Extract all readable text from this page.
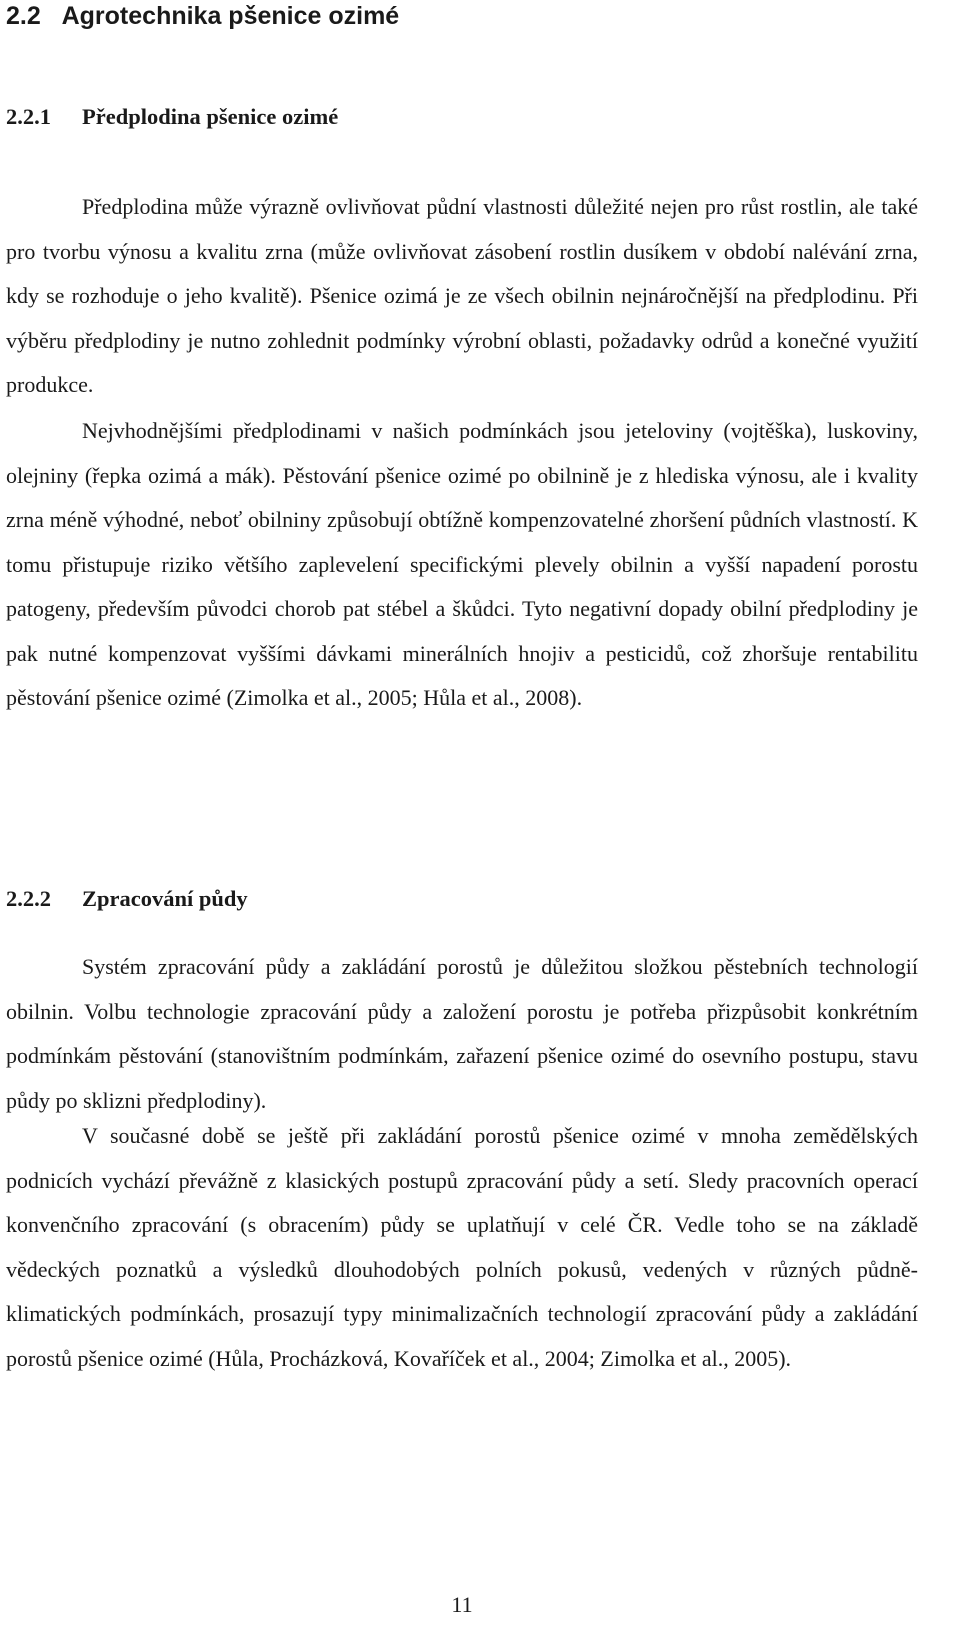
2.2 Agrotechnika pšenice ozimé
2.2.1 Předplodina pšenice ozimé

Předplodina může výrazně ovlivňovat půdní vlastnosti důležité nejen pro růst rostlin, ale také pro tvorbu výnosu a kvalitu zrna (může ovlivňovat zásobení rostlin dusíkem v období nalévání zrna, kdy se rozhoduje o jeho kvalitě). Pšenice ozimá je ze všech obilnin nejnáročnější na předplodinu. Při výběru předplodiny je nutno zohlednit podmínky výrobní oblasti, požadavky odrůd a konečné využití produkce.

Nejvhodnějšími předplodinami v našich podmínkách jsou jeteloviny (vojtěška), luskoviny, olejniny (řepka ozimá a mák). Pěstování pšenice ozimé po obilnině je z hlediska výnosu, ale i kvality zrna méně výhodné, neboť obilniny způsobují obtížně kompenzovatelné zhoršení půdních vlastností. K tomu přistupuje riziko většího zaplevelení specifickými plevely obilnin a vyšší napadení porostu patogeny, především původci chorob pat stébel a škůdci. Tyto negativní dopady obilní předplodiny je pak nutné kompenzovat vyššími dávkami minerálních hnojiv a pesticidů, což zhoršuje rentabilitu pěstování pšenice ozimé (Zimolka et al., 2005; Hůla et al., 2008).

2.2.2 Zpracování půdy

Systém zpracování půdy a zakládání porostů je důležitou složkou pěstebních technologií obilnin. Volbu technologie zpracování půdy a založení porostu je potřeba přizpůsobit konkrétním podmínkám pěstování (stanovištním podmínkám, zařazení pšenice ozimé do osevního postupu, stavu půdy po sklizni předplodiny).

V současné době se ještě při zakládání porostů pšenice ozimé v mnoha zemědělských podnicích vychází převážně z klasických postupů zpracování půdy a setí. Sledy pracovních operací konvenčního zpracování (s obracením) půdy se uplatňují v celé ČR. Vedle toho se na základě vědeckých poznatků a výsledků dlouhodobých polních pokusů, vedených v různých půdně-klimatických podmínkách, prosazují typy minimalizačních technologií zpracování půdy a zakládání porostů pšenice ozimé (Hůla, Procházková, Kovaříček et al., 2004; Zimolka et al., 2005).

11
